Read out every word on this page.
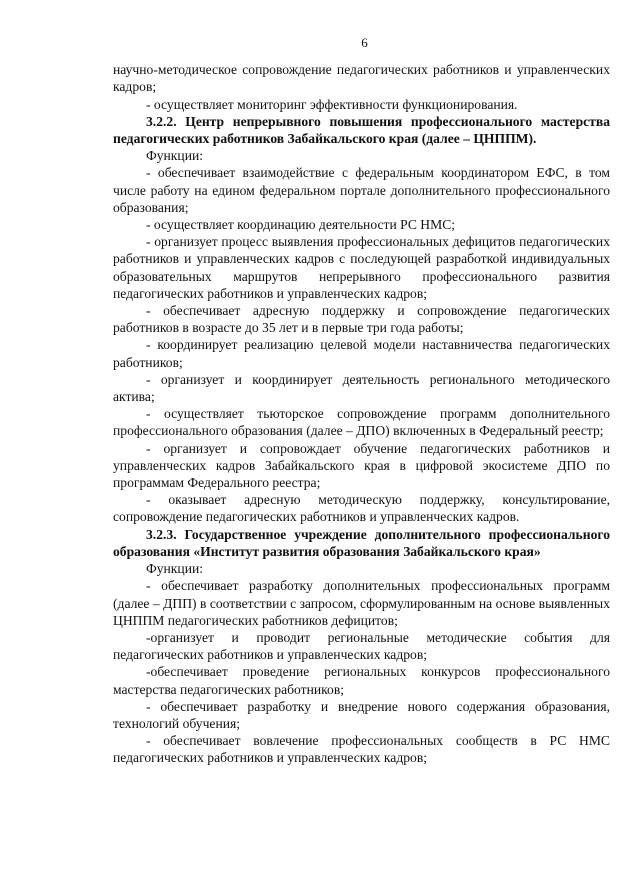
6

научно-методическое сопровождение педагогических работников и управленческих кадров;

- осуществляет мониторинг эффективности функционирования.

3.2.2. Центр непрерывного повышения профессионального мастерства педагогических работников Забайкальского края (далее – ЦНППМ).

Функции:

- обеспечивает взаимодействие с федеральным координатором ЕФС, в том числе работу на едином федеральном портале дополнительного профессионального образования;

- осуществляет координацию деятельности РС НМС;

- организует процесс выявления профессиональных дефицитов педагогических работников и управленческих кадров с последующей разработкой индивидуальных образовательных маршрутов непрерывного профессионального развития педагогических работников и управленческих кадров;

- обеспечивает адресную поддержку и сопровождение педагогических работников в возрасте до 35 лет и в первые три года работы;

- координирует реализацию целевой модели наставничества педагогических работников;

- организует и координирует деятельность регионального методического актива;

- осуществляет тьюторское сопровождение программ дополнительного профессионального образования (далее – ДПО) включенных в Федеральный реестр;

- организует и сопровождает обучение педагогических работников и управленческих кадров Забайкальского края в цифровой экосистеме ДПО по программам Федерального реестра;

- оказывает адресную методическую поддержку, консультирование, сопровождение педагогических работников и управленческих кадров.

3.2.3. Государственное учреждение дополнительного профессионального образования «Институт развития образования Забайкальского края»

Функции:

- обеспечивает разработку дополнительных профессиональных программ (далее – ДПП) в соответствии с запросом, сформулированным на основе выявленных ЦНППМ педагогических работников дефицитов;

-организует и проводит региональные методические события для педагогических работников и управленческих кадров;

-обеспечивает проведение региональных конкурсов профессионального мастерства педагогических работников;

- обеспечивает разработку и внедрение нового содержания образования, технологий обучения;

- обеспечивает вовлечение профессиональных сообществ в РС НМС педагогических работников и управленческих кадров;
